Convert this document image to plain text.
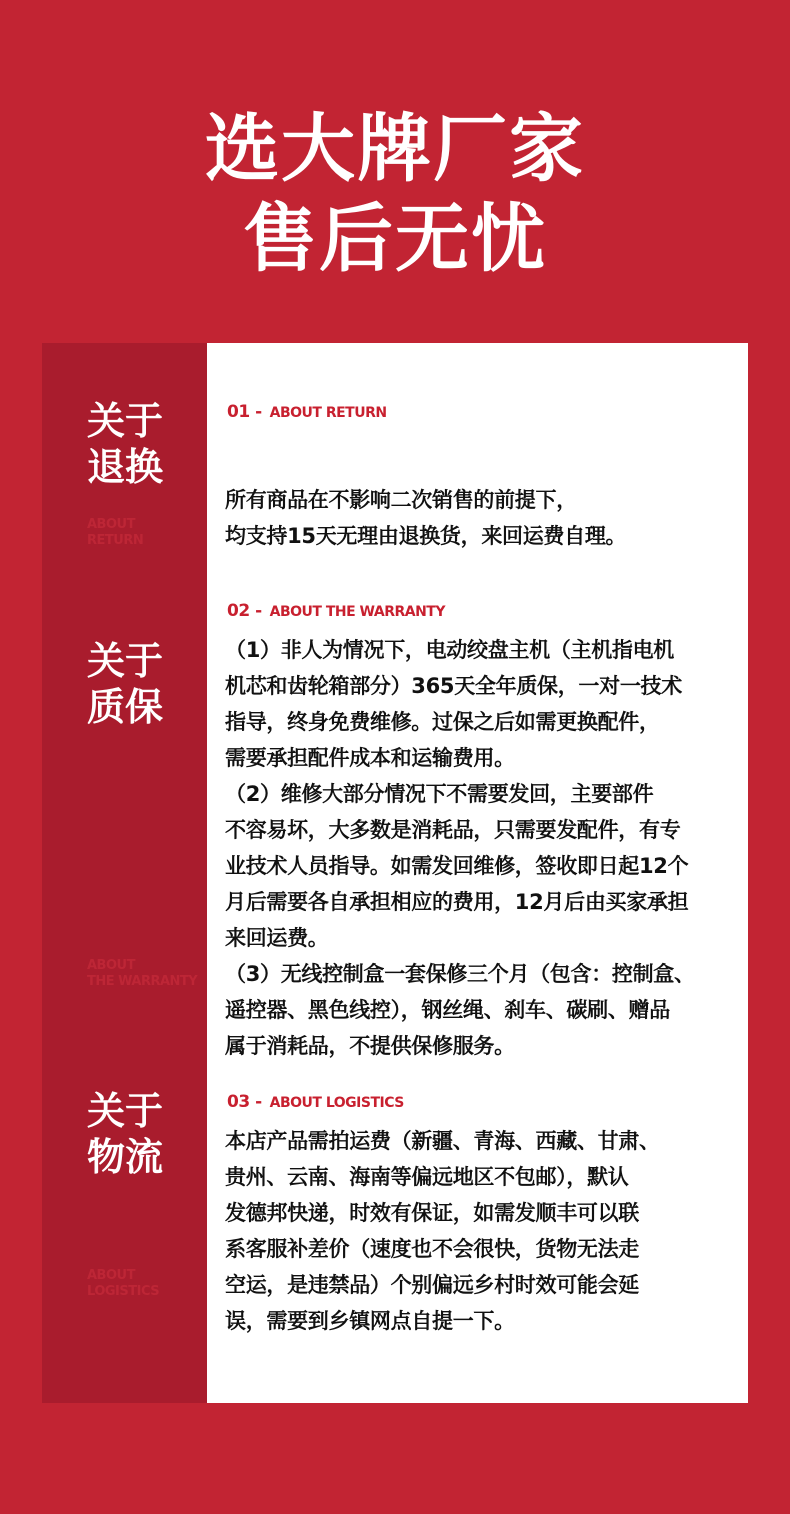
选大牌厂家
售后无忧
关于
退换
ABOUT
RETURN
01 - ABOUT RETURN
所有商品在不影响二次销售的前提下，
均支持15天无理由退换货，来回运费自理。
关于
质保
ABOUT
THE WARRANTY
02 - ABOUT THE WARRANTY
（1）非人为情况下，电动绞盘主机（主机指电机
机芯和齿轮箱部分）365天全年质保，一对一技术
指导，终身免费维修。过保之后如需更换配件，
需要承担配件成本和运输费用。
（2）维修大部分情况下不需要发回，主要部件
不容易坏，大多数是消耗品，只需要发配件，有专
业技术人员指导。如需发回维修，签收即日起12个
月后需要各自承担相应的费用，12月后由买家承担
来回运费。
（3）无线控制盒一套保修三个月（包含：控制盒、
遥控器、黑色线控），钢丝绳、刹车、碳刷、赠品
属于消耗品，不提供保修服务。
关于
物流
ABOUT
LOGISTICS
03 - ABOUT LOGISTICS
本店产品需拍运费（新疆、青海、西藏、甘肃、
贵州、云南、海南等偏远地区不包邮），默认
发德邦快递，时效有保证，如需发顺丰可以联
系客服补差价（速度也不会很快，货物无法走
空运，是违禁品）个别偏远乡村时效可能会延
误，需要到乡镇网点自提一下。
